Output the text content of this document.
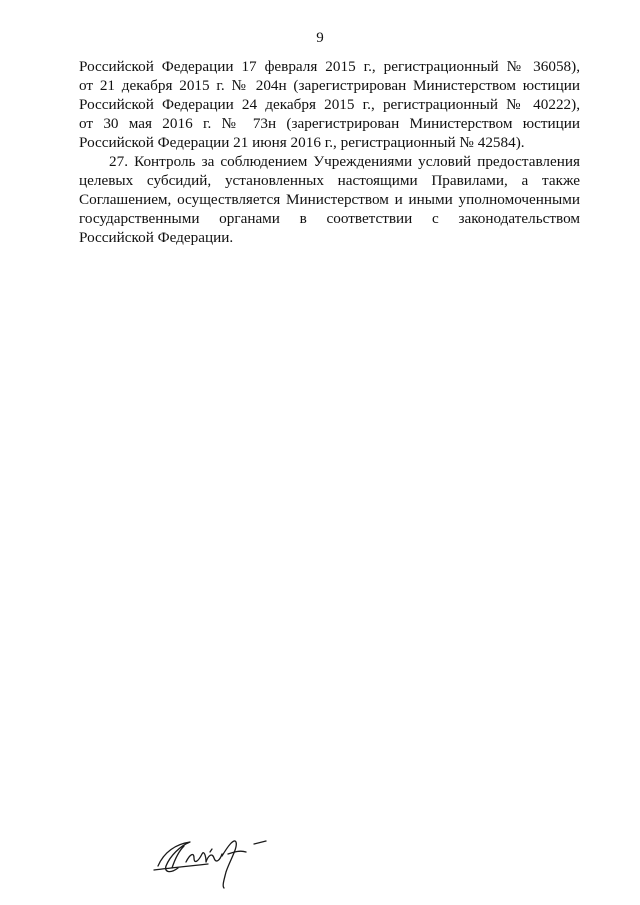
9
Российской Федерации 17 февраля 2015 г., регистрационный № 36058),
от 21 декабря 2015 г. № 204н (зарегистрирован Министерством юстиции
Российской Федерации 24 декабря 2015 г., регистрационный № 40222),
от 30 мая 2016 г. № 73н (зарегистрирован Министерством юстиции
Российской Федерации 21 июня 2016 г., регистрационный № 42584).
27. Контроль за соблюдением Учреждениями условий предоставления
целевых субсидий, установленных настоящими Правилами, а также
Соглашением, осуществляется Министерством и иными уполномоченными
государственными органами в соответствии с законодательством
Российской Федерации.
